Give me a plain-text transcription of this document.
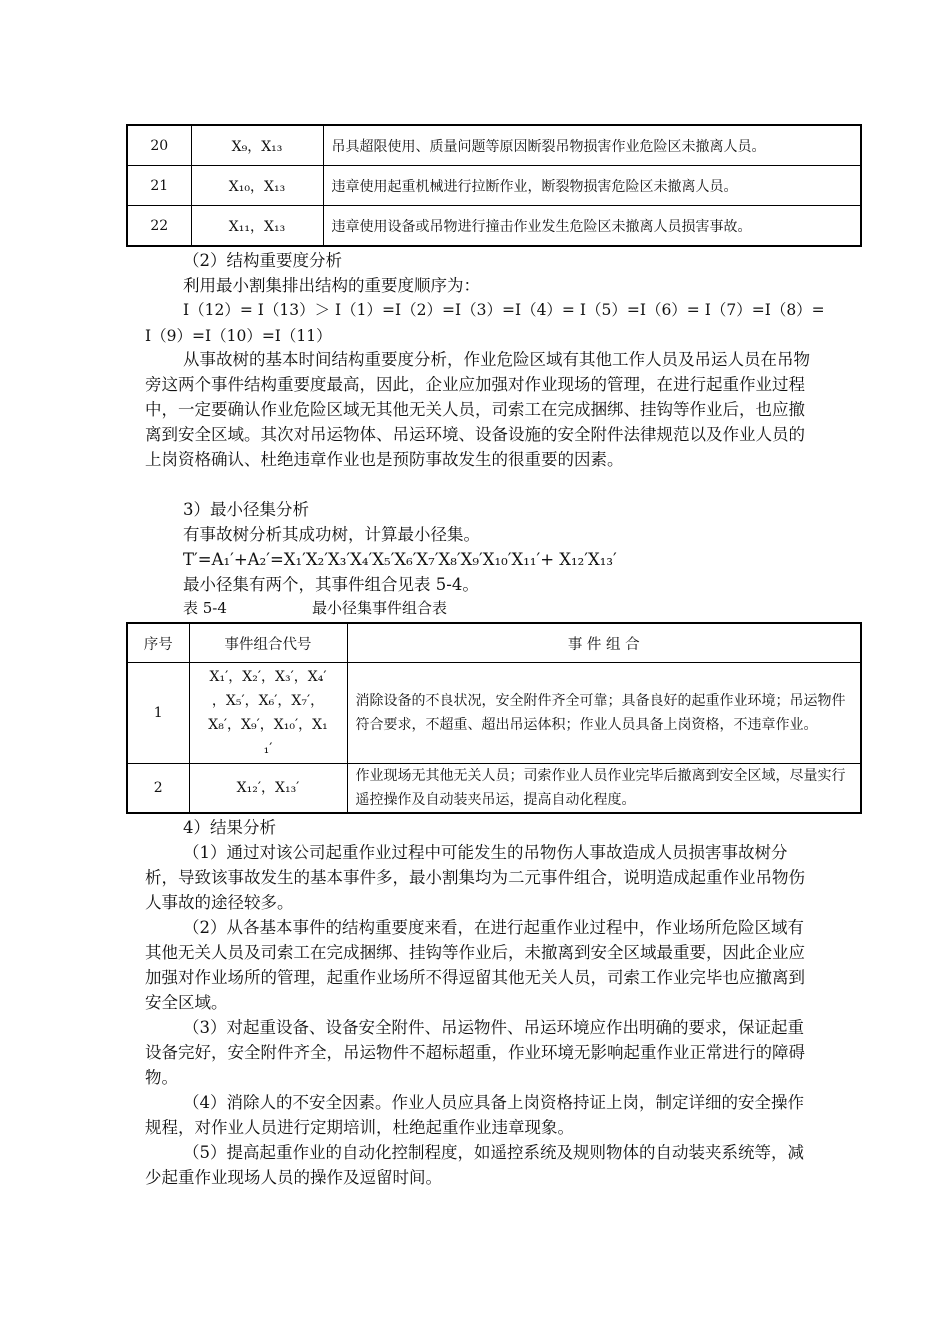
20	X₉，X₁₃	吊具超限使用、质量问题等原因断裂吊物损害作业危险区未撤离人员。
21	X₁₀，X₁₃	违章使用起重机械进行拉断作业，断裂物损害危险区未撤离人员。
22	X₁₁，X₁₃	违章使用设备或吊物进行撞击作业发生危险区未撤离人员损害事故。
（2）结构重要度分析
利用最小割集排出结构的重要度顺序为：
I（12）= I（13）＞ I（1）=I（2）=I（3）=I（4）= I（5）=I（6）= I（7）=I（8）=
I（9）=I（10）=I（11）

从事故树的基本时间结构重要度分析，作业危险区域有其他工作人员及吊运人员在吊物旁这两个事件结构重要度最高，因此，企业应加强对作业现场的管理，在进行起重作业过程中，一定要确认作业危险区域无其他无关人员，司索工在完成捆绑、挂钩等作业后，也应撤离到安全区域。其次对吊运物体、吊运环境、设备设施的安全附件法律规范以及作业人员的上岗资格确认、杜绝违章作业也是预防事故发生的很重要的因素。

3）最小径集分析
有事故树分析其成功树，计算最小径集。
T′=A₁′+A₂′=X₁′X₂′X₃′X₄′X₅′X₆′X₇′X₈′X₉′X₁₀′X₁₁′+ X₁₂′X₁₃′
最小径集有两个，其事件组合见表 5-4。
表 5-4	最小径集事件组合表
序号	事件组合代号	事 件 组 合
1	X₁′，X₂′，X₃′，X₄′
，X₅′，X₆′，X₇′，
X₈′，X₉′，X₁₀′，X₁
₁′	消除设备的不良状况，安全附件齐全可靠；具备良好的起重作业环境；吊运物件符合要求，不超重、超出吊运体积；作业人员具备上岗资格，不违章作业。
2	X₁₂′，X₁₃′	作业现场无其他无关人员；司索作业人员作业完毕后撤离到安全区域，尽量实行遥控操作及自动装夹吊运，提高自动化程度。
4）结果分析

（1）通过对该公司起重作业过程中可能发生的吊物伤人事故造成人员损害事故树分析，导致该事故发生的基本事件多，最小割集均为二元事件组合，说明造成起重作业吊物伤人事故的途径较多。

（2）从各基本事件的结构重要度来看，在进行起重作业过程中，作业场所危险区域有其他无关人员及司索工在完成捆绑、挂钩等作业后，未撤离到安全区域最重要，因此企业应加强对作业场所的管理，起重作业场所不得逗留其他无关人员，司索工作业完毕也应撤离到安全区域。

（3）对起重设备、设备安全附件、吊运物件、吊运环境应作出明确的要求，保证起重设备完好，安全附件齐全，吊运物件不超标超重，作业环境无影响起重作业正常进行的障碍物。

（4）消除人的不安全因素。作业人员应具备上岗资格持证上岗，制定详细的安全操作规程，对作业人员进行定期培训，杜绝起重作业违章现象。

（5）提高起重作业的自动化控制程度，如遥控系统及规则物体的自动装夹系统等，减少起重作业现场人员的操作及逗留时间。
